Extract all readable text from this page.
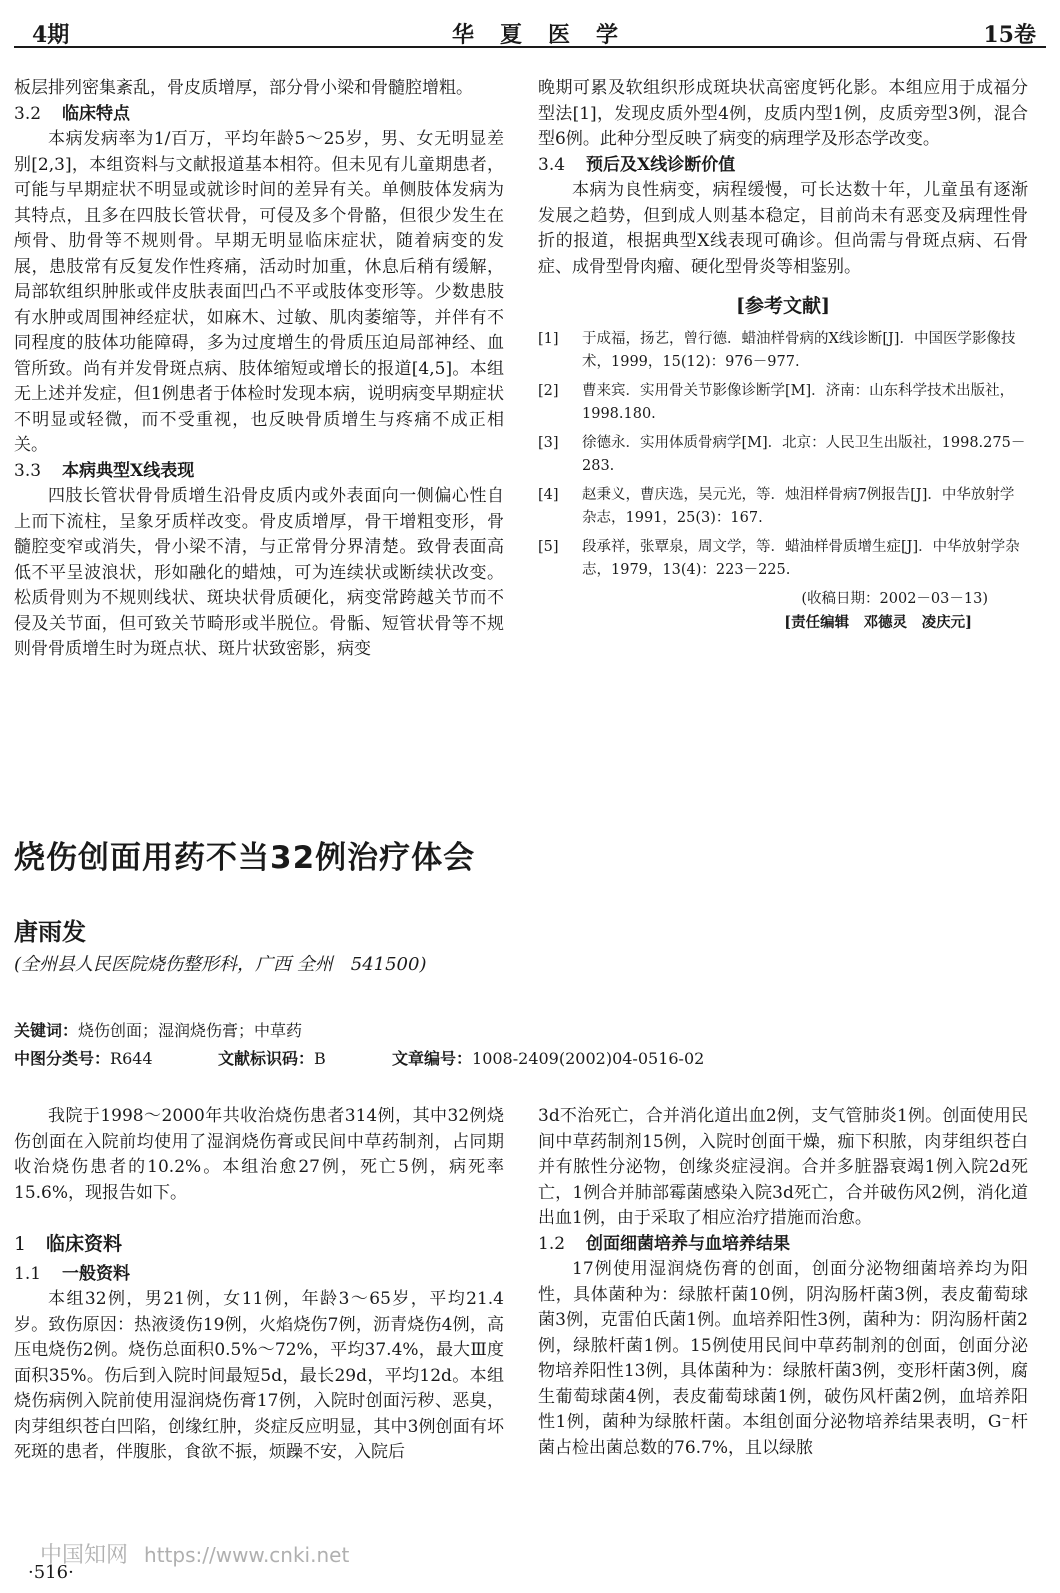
4期	华夏医学	15卷

板层排列密集紊乱，骨皮质增厚，部分骨小梁和骨髓腔增粗。

3.2 临床特点

本病发病率为1/百万，平均年龄5～25岁，男、女无明显差别[2,3]，本组资料与文献报道基本相符。但未见有儿童期患者，可能与早期症状不明显或就诊时间的差异有关。单侧肢体发病为其特点，且多在四肢长管状骨，可侵及多个骨骼，但很少发生在颅骨、肋骨等不规则骨。早期无明显临床症状，随着病变的发展，患肢常有反复发作性疼痛，活动时加重，休息后稍有缓解，局部软组织肿胀或伴皮肤表面凹凸不平或肢体变形等。少数患肢有水肿或周围神经症状，如麻木、过敏、肌肉萎缩等，并伴有不同程度的肢体功能障碍，多为过度增生的骨质压迫局部神经、血管所致。尚有并发骨斑点病、肢体缩短或增长的报道[4,5]。本组无上述并发症，但1例患者于体检时发现本病，说明病变早期症状不明显或轻微，而不受重视，也反映骨质增生与疼痛不成正相关。

3.3 本病典型X线表现

四肢长管状骨骨质增生沿骨皮质内或外表面向一侧偏心性自上而下流柱，呈象牙质样改变。骨皮质增厚，骨干增粗变形，骨髓腔变窄或消失，骨小梁不清，与正常骨分界清楚。致骨表面高低不平呈波浪状，形如融化的蜡烛，可为连续状或断续状改变。松质骨则为不规则线状、斑块状骨质硬化，病变常跨越关节而不侵及关节面，但可致关节畸形或半脱位。骨骺、短管状骨等不规则骨骨质增生时为斑点状、斑片状致密影，病变

晚期可累及软组织形成斑块状高密度钙化影。本组应用于成福分型法[1]，发现皮质外型4例，皮质内型1例，皮质旁型3例，混合型6例。此种分型反映了病变的病理学及形态学改变。

3.4 预后及X线诊断价值

本病为良性病变，病程缓慢，可长达数十年，儿童虽有逐渐发展之趋势，但到成人则基本稳定，目前尚未有恶变及病理性骨折的报道，根据典型X线表现可确诊。但尚需与骨斑点病、石骨症、成骨型骨肉瘤、硬化型骨炎等相鉴别。

[参考文献]
[1]	于成福，扬艺，曾行德．蜡油样骨病的X线诊断[J]．中国医学影像技术，1999，15(12)：976－977.
[2]	曹来宾．实用骨关节影像诊断学[M]．济南：山东科学技术出版社，1998.180.
[3]	徐德永．实用体质骨病学[M]．北京：人民卫生出版社，1998.275－283.
[4]	赵秉义，曹庆选，吴元光，等．烛泪样骨病7例报告[J]．中华放射学杂志，1991，25(3)：167.
[5]	段承祥，张覃泉，周文学，等．蜡油样骨质增生症[J]．中华放射学杂志，1979，13(4)：223－225.
(收稿日期：2002－03－13)
[责任编辑　邓德灵　凌庆元]
烧伤创面用药不当32例治疗体会
唐雨发
(全州县人民医院烧伤整形科，广西 全州　541500)
关键词：烧伤创面；湿润烧伤膏；中草药
中图分类号：R644	文献标识码：B	文章编号：1008-2409(2002)04-0516-02

我院于1998～2000年共收治烧伤患者314例，其中32例烧伤创面在入院前均使用了湿润烧伤膏或民间中草药制剂，占同期收治烧伤患者的10.2%。本组治愈27例，死亡5例，病死率15.6%，现报告如下。

1 临床资料

1.1 一般资料

本组32例，男21例，女11例，年龄3～65岁，平均21.4岁。致伤原因：热液烫伤19例，火焰烧伤7例，沥青烧伤4例，高压电烧伤2例。烧伤总面积0.5%～72%，平均37.4%，最大Ⅲ度面积35%。伤后到入院时间最短5d，最长29d，平均12d。本组烧伤病例入院前使用湿润烧伤膏17例，入院时创面污秽、恶臭，肉芽组织苍白凹陷，创缘红肿，炎症反应明显，其中3例创面有坏死斑的患者，伴腹胀，食欲不振，烦躁不安，入院后

3d不治死亡，合并消化道出血2例，支气管肺炎1例。创面使用民间中草药制剂15例，入院时创面干燥，痂下积脓，肉芽组织苍白并有脓性分泌物，创缘炎症浸润。合并多脏器衰竭1例入院2d死亡，1例合并肺部霉菌感染入院3d死亡，合并破伤风2例，消化道出血1例，由于采取了相应治疗措施而治愈。

1.2 创面细菌培养与血培养结果

17例使用湿润烧伤膏的创面，创面分泌物细菌培养均为阳性，具体菌种为：绿脓杆菌10例，阴沟肠杆菌3例，表皮葡萄球菌3例，克雷伯氏菌1例。血培养阳性3例，菌种为：阴沟肠杆菌2例，绿脓杆菌1例。15例使用民间中草药制剂的创面，创面分泌物培养阳性13例，具体菌种为：绿脓杆菌3例，变形杆菌3例，腐生葡萄球菌4例，表皮葡萄球菌1例，破伤风杆菌2例，血培养阳性1例，菌种为绿脓杆菌。本组创面分泌物培养结果表明，G⁻杆菌占检出菌总数的76.7%，且以绿脓

中国知网 https://www.cnki.net
·516·
